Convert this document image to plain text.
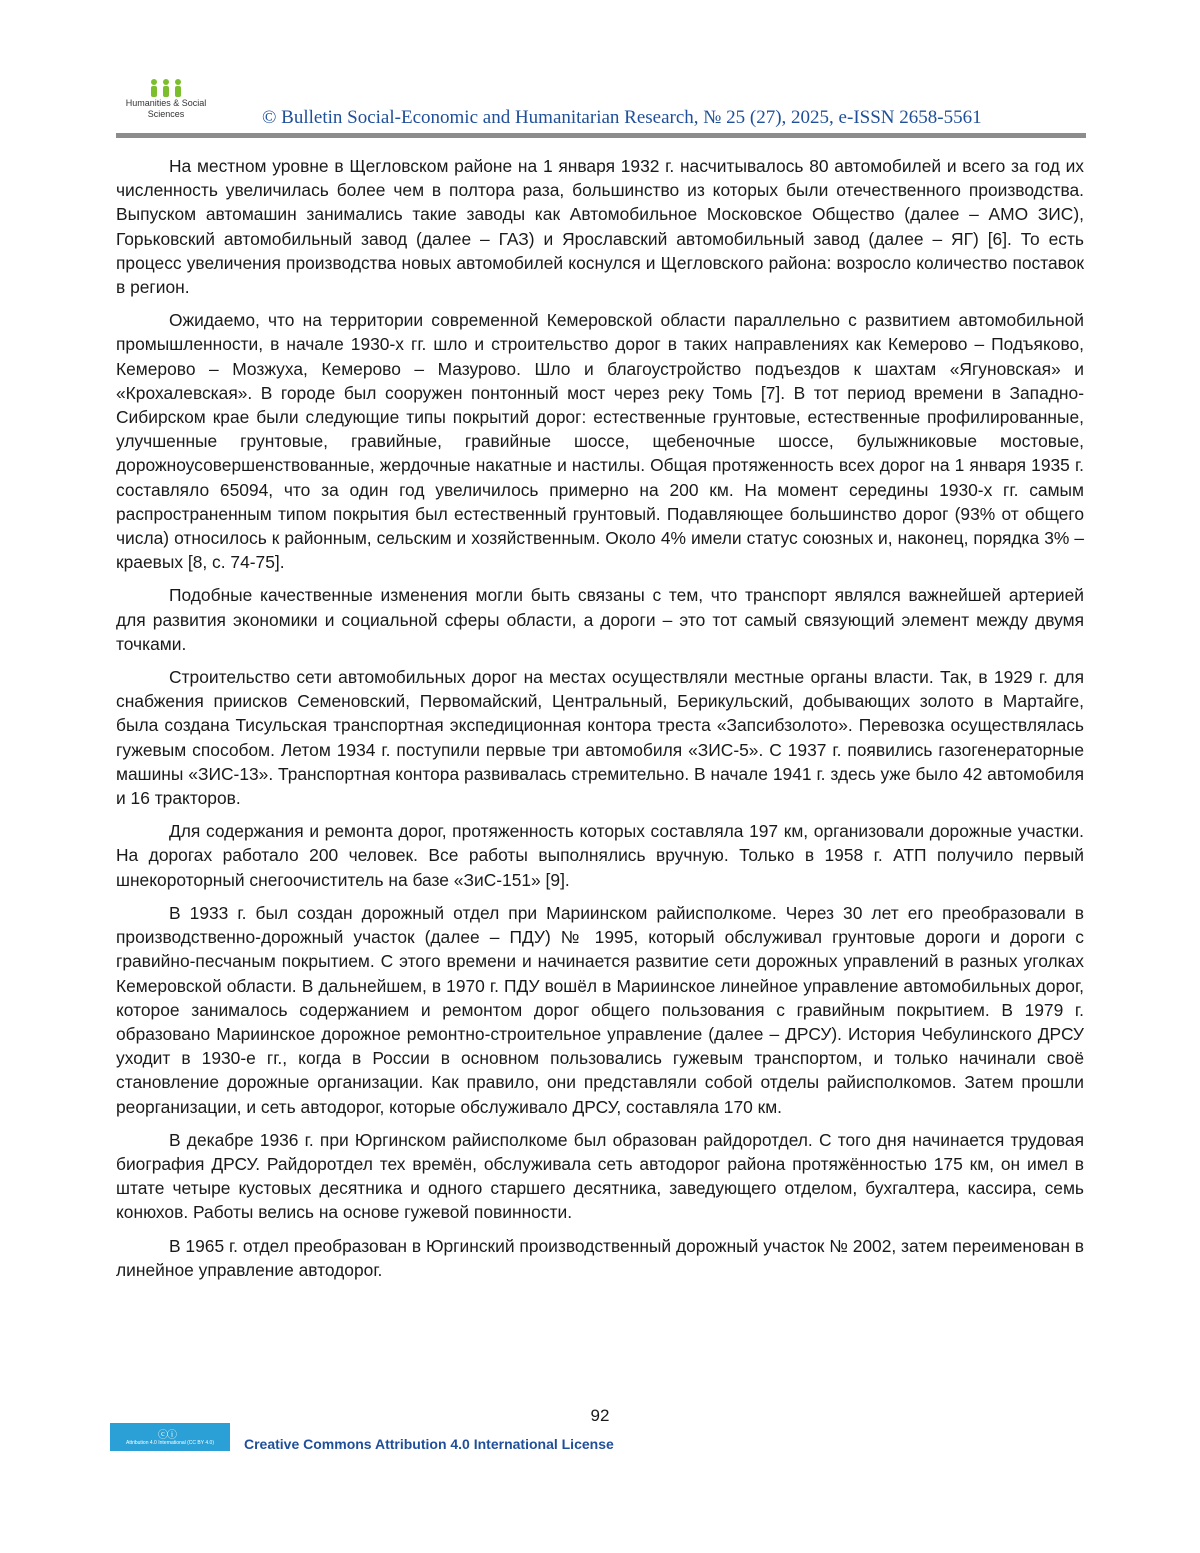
Humanities & Social
Sciences	© Bulletin Social-Economic and Humanitarian Research, № 25 (27), 2025, e-ISSN 2658-5561

На местном уровне в Щегловском районе на 1 января 1932 г. насчитывалось 80 автомобилей и всего за год их численность увеличилась более чем в полтора раза, большинство из которых были отечественного производства. Выпуском автомашин занимались такие заводы как Автомобильное Московское Общество (далее – АМО ЗИС), Горьковский автомобильный завод (далее – ГАЗ) и Ярославский автомобильный завод (далее – ЯГ) [6]. То есть процесс увеличения производства новых автомобилей коснулся и Щегловского района: возросло количество поставок в регион.

Ожидаемо, что на территории современной Кемеровской области параллельно с развитием автомобильной промышленности, в начале 1930-х гг. шло и строительство дорог в таких направлениях как Кемерово – Подъяково, Кемерово – Мозжуха, Кемерово – Мазурово. Шло и благоустройство подъездов к шахтам «Ягуновская» и «Крохалевская». В городе был сооружен понтонный мост через реку Томь [7]. В тот период времени в Западно-Сибирском крае были следующие типы покрытий дорог: естественные грунтовые, естественные профилированные, улучшенные грунтовые, гравийные, гравийные шоссе, щебеночные шоссе, булыжниковые мостовые, дорожноусовершенствованные, жердочные накатные и настилы. Общая протяженность всех дорог на 1 января 1935 г. составляло 65094, что за один год увеличилось примерно на 200 км. На момент середины 1930-х гг. самым распространенным типом покрытия был естественный грунтовый. Подавляющее большинство дорог (93% от общего числа) относилось к районным, сельским и хозяйственным. Около 4% имели статус союзных и, наконец, порядка 3% – краевых [8, с. 74-75].

Подобные качественные изменения могли быть связаны с тем, что транспорт являлся важнейшей артерией для развития экономики и социальной сферы области, а дороги – это тот самый связующий элемент между двумя точками.

Строительство сети автомобильных дорог на местах осуществляли местные органы власти. Так, в 1929 г. для снабжения приисков Семеновский, Первомайский, Центральный, Берикульский, добывающих золото в Мартайге, была создана Тисульская транспортная экспедиционная контора треста «Запсибзолото». Перевозка осуществлялась гужевым способом. Летом 1934 г. поступили первые три автомобиля «ЗИС-5». С 1937 г. появились газогенераторные машины «ЗИС-13». Транспортная контора развивалась стремительно. В начале 1941 г. здесь уже было 42 автомобиля и 16 тракторов.

Для содержания и ремонта дорог, протяженность которых составляла 197 км, организовали дорожные участки. На дорогах работало 200 человек. Все работы выполнялись вручную. Только в 1958 г. АТП получило первый шнекороторный снегоочиститель на базе «ЗиС-151» [9].

В 1933 г. был создан дорожный отдел при Мариинском райисполкоме. Через 30 лет его преобразовали в производственно-дорожный участок (далее – ПДУ) № 1995, который обслуживал грунтовые дороги и дороги с гравийно-песчаным покрытием. С этого времени и начинается развитие сети дорожных управлений в разных уголках Кемеровской области. В дальнейшем, в 1970 г. ПДУ вошёл в Мариинское линейное управление автомобильных дорог, которое занималось содержанием и ремонтом дорог общего пользования с гравийным покрытием. В 1979 г. образовано Мариинское дорожное ремонтно-строительное управление (далее – ДРСУ). История Чебулинского ДРСУ уходит в 1930-е гг., когда в России в основном пользовались гужевым транспортом, и только начинали своё становление дорожные организации. Как правило, они представляли собой отделы райисполкомов. Затем прошли реорганизации, и сеть автодорог, которые обслуживало ДРСУ, составляла 170 км.

В декабре 1936 г. при Юргинском райисполкоме был образован райдоротдел. С того дня начинается трудовая биография ДРСУ. Райдоротдел тех времён, обслуживала сеть автодорог района протяжённостью 175 км, он имел в штате четыре кустовых десятника и одного старшего десятника, заведующего отделом, бухгалтера, кассира, семь конюхов. Работы велись на основе гужевой повинности.

В 1965 г. отдел преобразован в Юргинский производственный дорожный участок № 2002, затем переименован в линейное управление автодорог.

92
ⓒⓘ
Attribution 4.0 International (CC BY 4.0)	Creative Commons Attribution 4.0 International License
